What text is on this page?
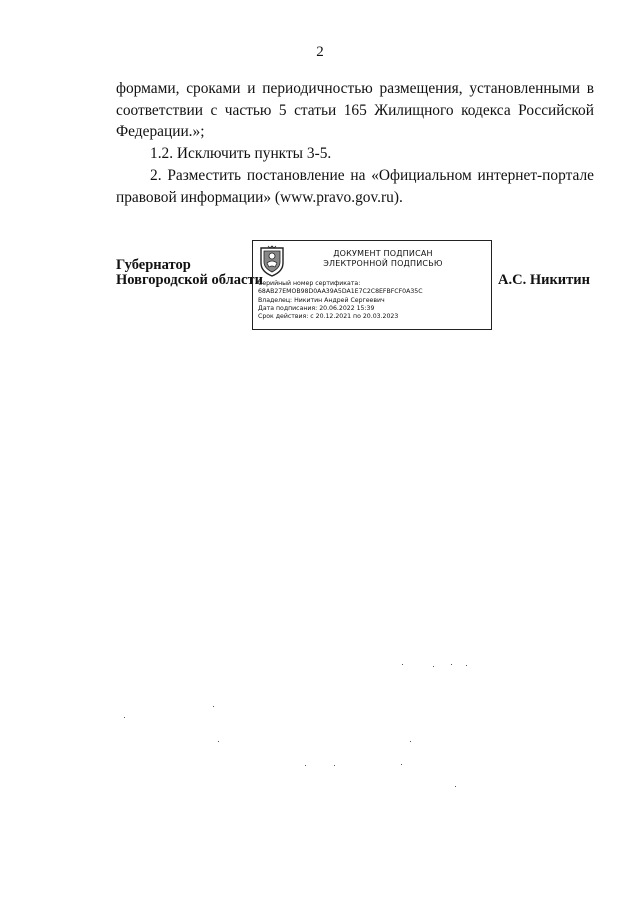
2
формами, сроками и периодичностью размещения, установленными в
соответствии с частью 5 статьи 165 Жилищного кодекса Российской
Федерации.»;
1.2. Исключить пункты 3-5.
2. Разместить постановление на «Официальном интернет-портале
правовой информации» (www.pravo.gov.ru).
Губернатор
Новгородской области
ДОКУМЕНТ ПОДПИСАН
ЭЛЕКТРОННОЙ ПОДПИСЬЮ
Серийный номер сертификата:
68AB27EMOB98D0AA39A5DA1E7C2C8EFBFCF0A35C
Владелец: Никитин Андрей Сергеевич
Дата подписания: 20.06.2022 15:39
Срок действия: с 20.12.2021 по 20.03.2023
А.С. Никитин
